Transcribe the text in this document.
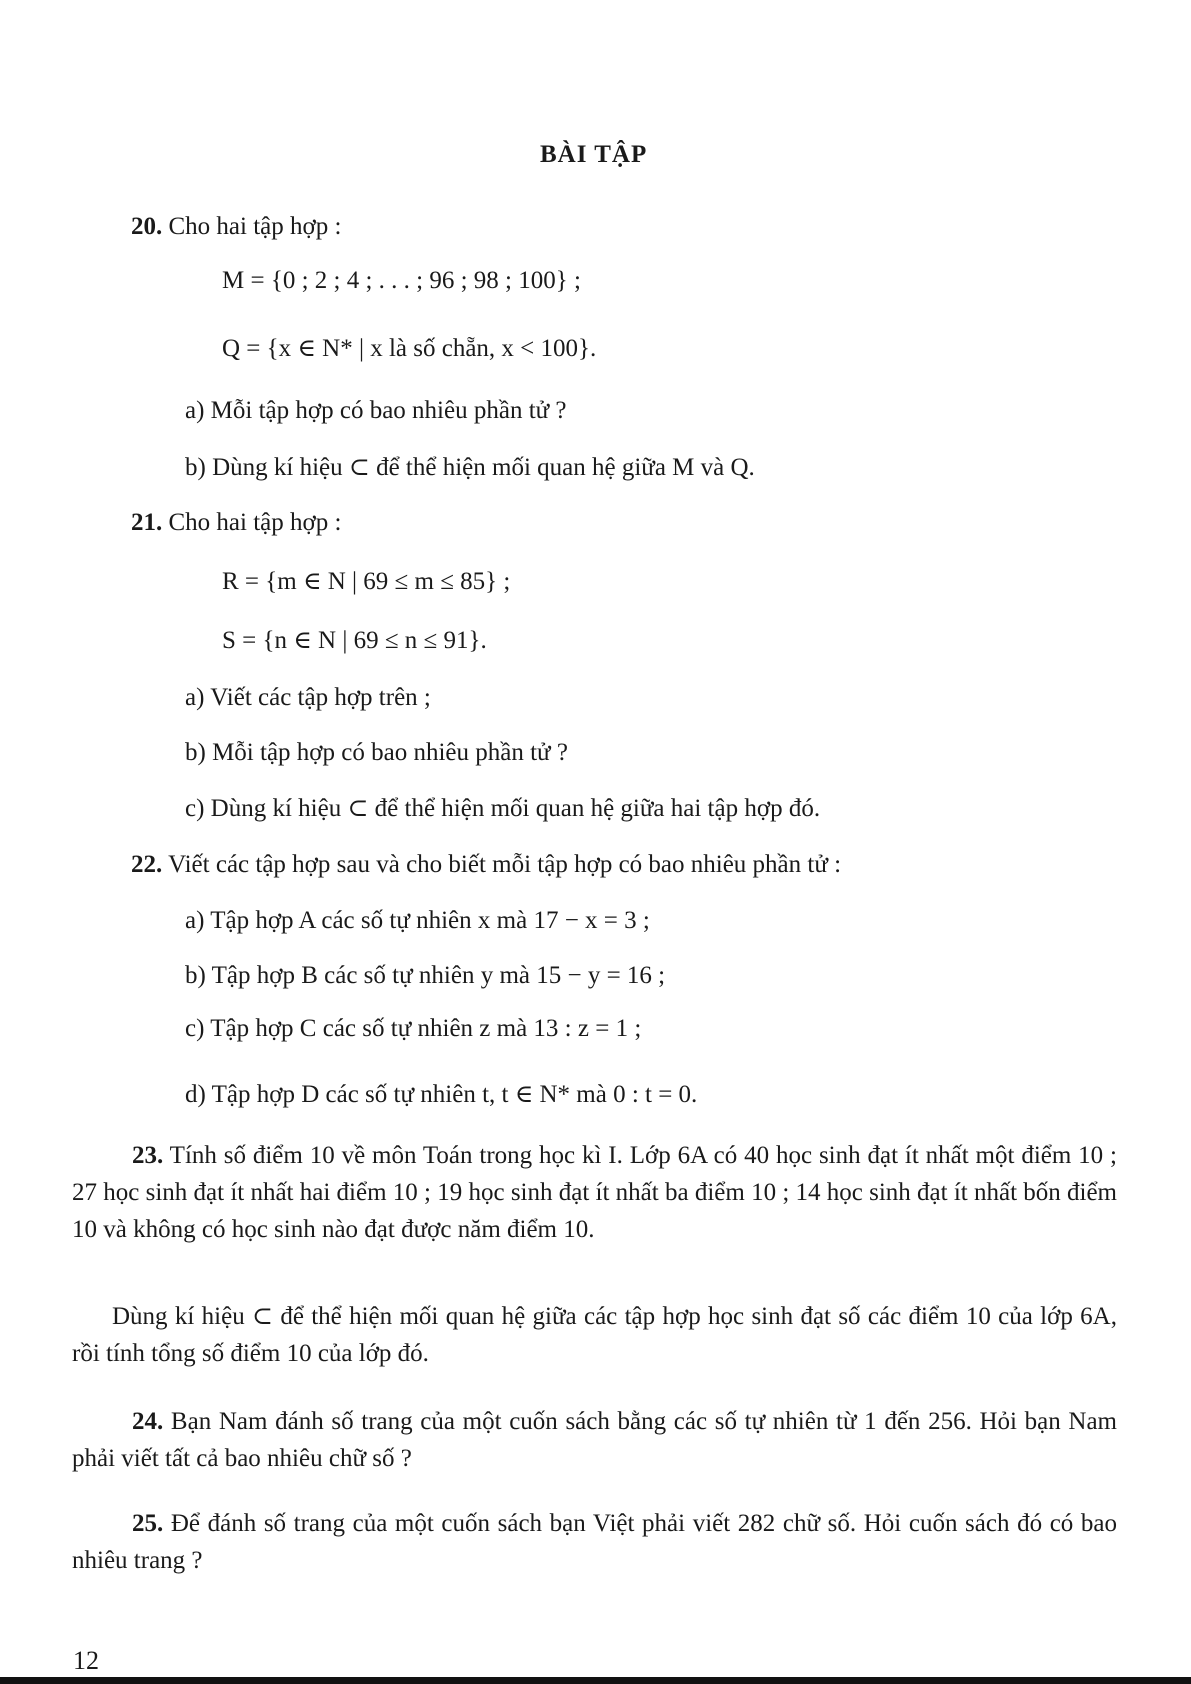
BÀI TẬP
20. Cho hai tập hợp :
M = {0 ; 2 ; 4 ; . . . ; 96 ; 98 ; 100} ;
Q = {x ∈ N* | x là số chẵn, x < 100}.
a) Mỗi tập hợp có bao nhiêu phần tử ?
b) Dùng kí hiệu ⊂ để thể hiện mối quan hệ giữa M và Q.
21. Cho hai tập hợp :
R = {m ∈ N | 69 ≤ m ≤ 85} ;
S = {n ∈ N | 69 ≤ n ≤ 91}.
a) Viết các tập hợp trên ;
b) Mỗi tập hợp có bao nhiêu phần tử ?
c) Dùng kí hiệu ⊂ để thể hiện mối quan hệ giữa hai tập hợp đó.
22. Viết các tập hợp sau và cho biết mỗi tập hợp có bao nhiêu phần tử :
a) Tập hợp A các số tự nhiên x mà 17 − x = 3 ;
b) Tập hợp B các số tự nhiên y mà 15 − y = 16 ;
c) Tập hợp C các số tự nhiên z mà 13 : z = 1 ;
d) Tập hợp D các số tự nhiên t, t ∈ N* mà 0 : t = 0.
23. Tính số điểm 10 về môn Toán trong học kì I. Lớp 6A có 40 học sinh đạt ít nhất một điểm 10 ; 27 học sinh đạt ít nhất hai điểm 10 ; 19 học sinh đạt ít nhất ba điểm 10 ; 14 học sinh đạt ít nhất bốn điểm 10 và không có học sinh nào đạt được năm điểm 10.
Dùng kí hiệu ⊂ để thể hiện mối quan hệ giữa các tập hợp học sinh đạt số các điểm 10 của lớp 6A, rồi tính tổng số điểm 10 của lớp đó.
24. Bạn Nam đánh số trang của một cuốn sách bằng các số tự nhiên từ 1 đến 256. Hỏi bạn Nam phải viết tất cả bao nhiêu chữ số ?
25. Để đánh số trang của một cuốn sách bạn Việt phải viết 282 chữ số. Hỏi cuốn sách đó có bao nhiêu trang ?
12
